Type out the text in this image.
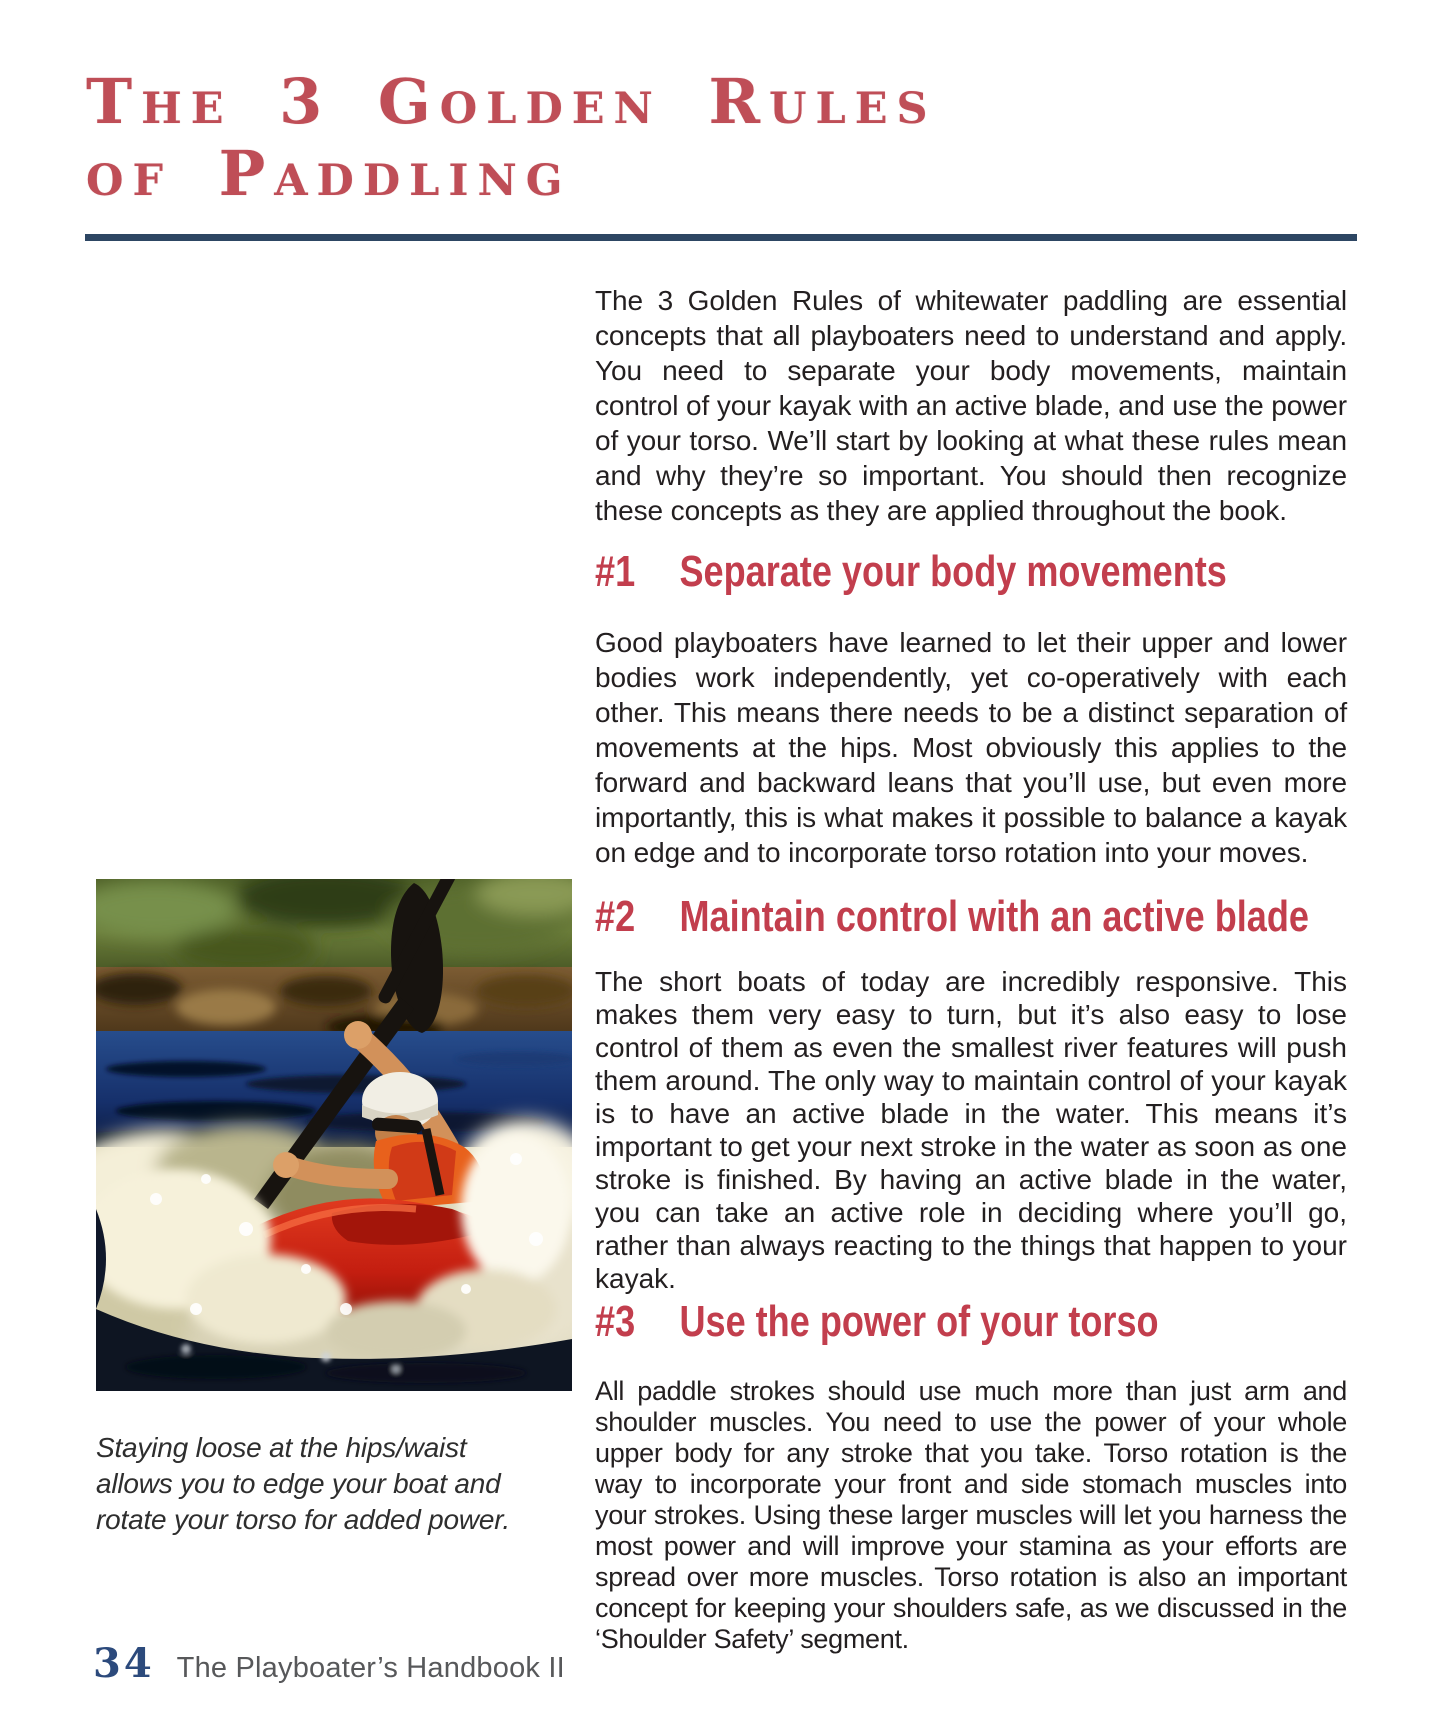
The 3 Golden Rules
of Paddling

The 3 Golden Rules of whitewater paddling are essential concepts that all playboaters need to understand and apply. You need to separate your body movements, maintain control of your kayak with an active blade, and use the power of your torso. We’ll start by looking at what these rules mean and why they’re so important. You should then recognize these concepts as they are applied throughout the book.

#1 Separate your body movements

Good playboaters have learned to let their upper and lower bodies work independently, yet co-operatively with each other. This means there needs to be a distinct separation of movements at the hips. Most obviously this applies to the forward and backward leans that you’ll use, but even more importantly, this is what makes it possible to balance a kayak on edge and to incorporate torso rotation into your moves.

#2 Maintain control with an active blade

The short boats of today are incredibly responsive. This makes them very easy to turn, but it’s also easy to lose control of them as even the smallest river features will push them around. The only way to maintain control of your kayak is to have an active blade in the water. This means it’s important to get your next stroke in the water as soon as one stroke is finished. By having an active blade in the water, you can take an active role in deciding where you’ll go, rather than always reacting to the things that happen to your kayak.

#3 Use the power of your torso

All paddle strokes should use much more than just arm and shoulder muscles. You need to use the power of your whole upper body for any stroke that you take. Torso rotation is the way to incorporate your front and side stomach muscles into your strokes. Using these larger muscles will let you harness the most power and will improve your stamina as your efforts are spread over more muscles. Torso rotation is also an important concept for keeping your shoulders safe, as we discussed in the ‘Shoulder Safety’ segment.

Staying loose at the hips/waist allows you to edge your boat and rotate your torso for added power.

34 The Playboater’s Handbook II
